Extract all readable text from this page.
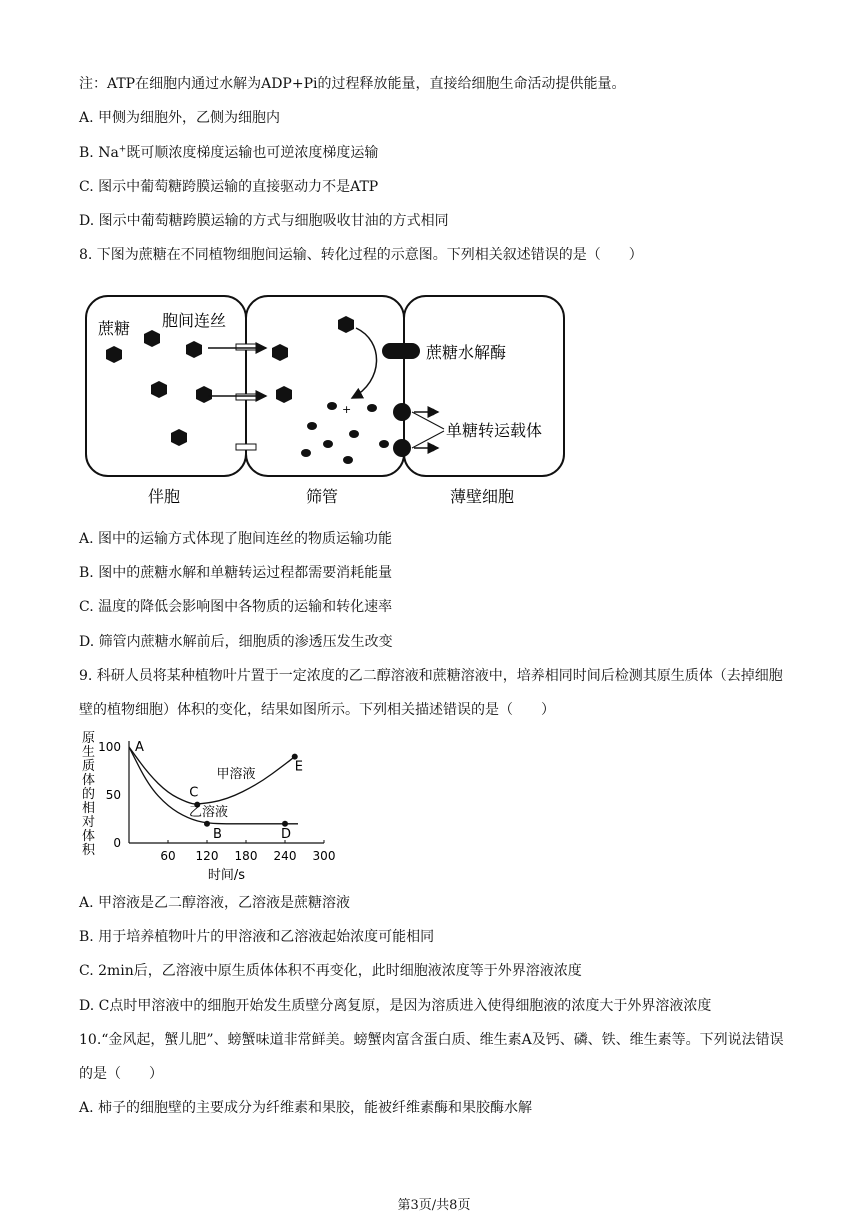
注：ATP在细胞内通过水解为ADP+Pi的过程释放能量，直接给细胞生命活动提供能量。
A. 甲侧为细胞外，乙侧为细胞内
B. Na+既可顺浓度梯度运输也可逆浓度梯度运输
C. 图示中葡萄糖跨膜运输的直接驱动力不是ATP
D. 图示中葡萄糖跨膜运输的方式与细胞吸收甘油的方式相同
8. 下图为蔗糖在不同植物细胞间运输、转化过程的示意图。下列相关叙述错误的是（　　）
+
蔗糖 胞间连丝
蔗糖水解酶
单糖转运载体
伴胞	筛管	薄壁细胞
A. 图中的运输方式体现了胞间连丝的物质运输功能
B. 图中的蔗糖水解和单糖转运过程都需要消耗能量
C. 温度的降低会影响图中各物质的运输和转化速率
D. 筛管内蔗糖水解前后，细胞质的渗透压发生改变
9. 科研人员将某种植物叶片置于一定浓度的乙二醇溶液和蔗糖溶液中，培养相同时间后检测其原生质体（去掉细胞壁的植物细胞）体积的变化，结果如图所示。下列相关描述错误的是（　　）
原
生
质
体
的
相
对
体
积 0
50
100
60 120 180 240 300
时间/s
A
C
E
甲溶液
B	D
乙溶液
A. 甲溶液是乙二醇溶液，乙溶液是蔗糖溶液
B. 用于培养植物叶片的甲溶液和乙溶液起始浓度可能相同
C. 2min后，乙溶液中原生质体体积不再变化，此时细胞液浓度等于外界溶液浓度
D. C点时甲溶液中的细胞开始发生质壁分离复原，是因为溶质进入使得细胞液的浓度大于外界溶液浓度
10.“金风起，蟹儿肥”、螃蟹味道非常鲜美。螃蟹肉富含蛋白质、维生素A及钙、磷、铁、维生素等。下列说法错误的是（　　）
A. 柿子的细胞壁的主要成分为纤维素和果胶，能被纤维素酶和果胶酶水解
第3页/共8页
